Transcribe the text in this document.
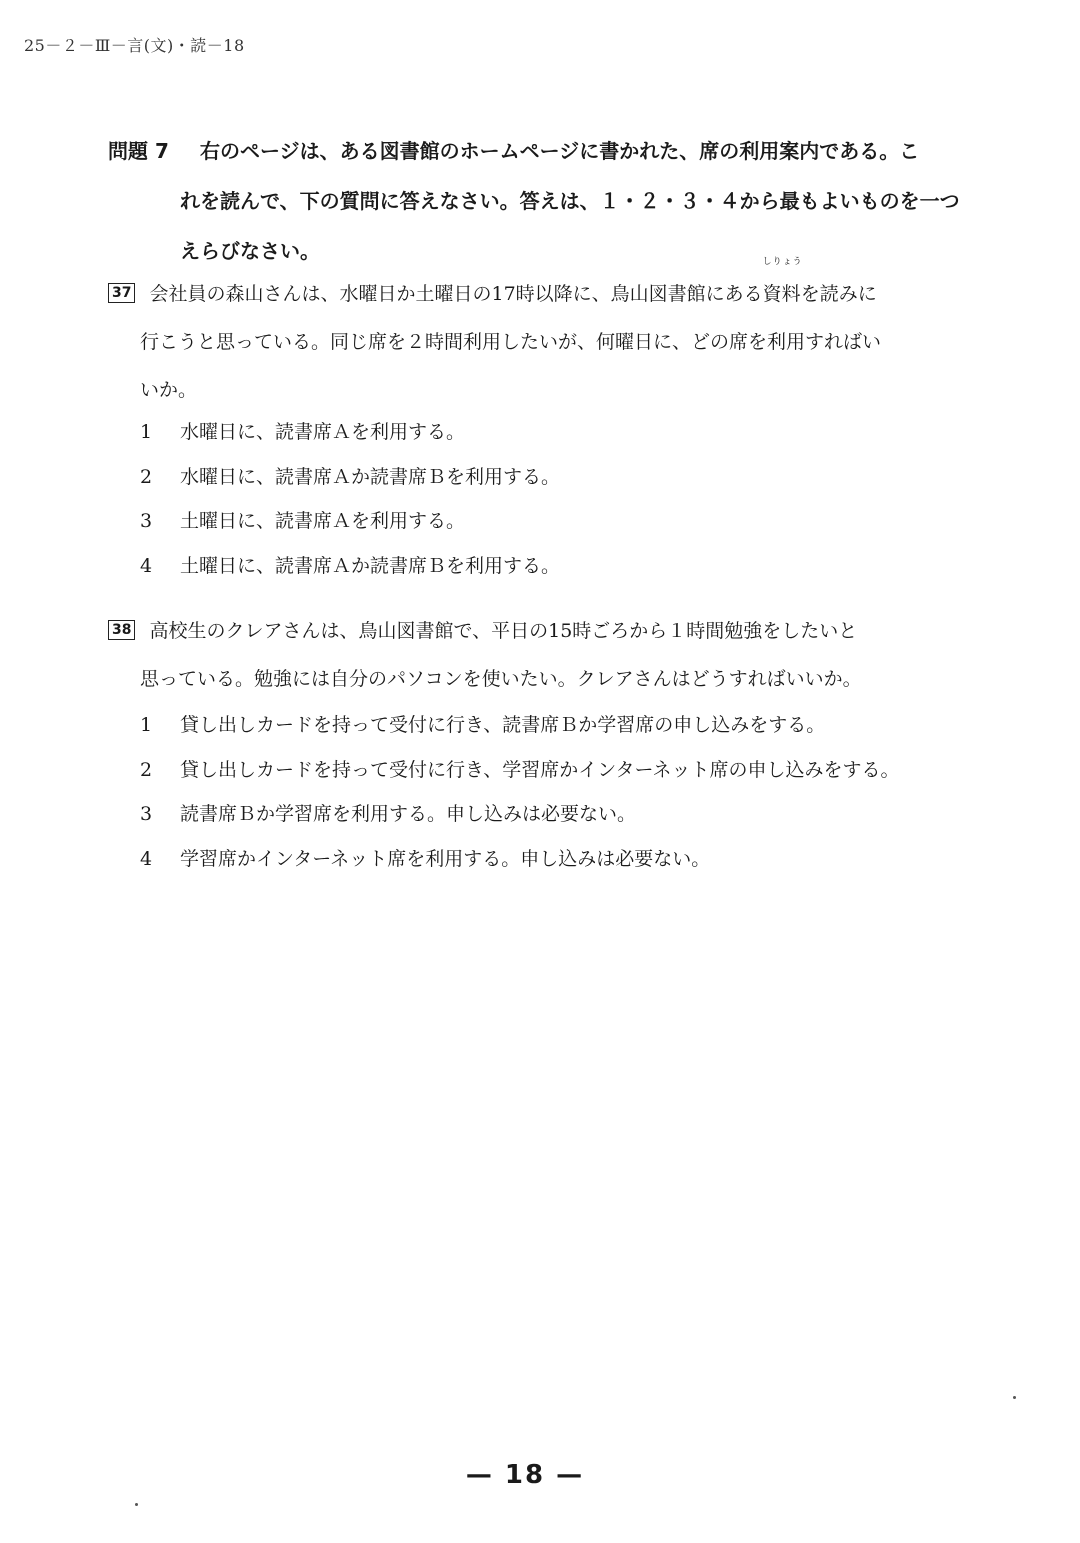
25－２－Ⅲ－言(文)・読－18
問題 7 右のページは、ある図書館のホームページに書かれた、席の利用案内である。こ
れを読んで、下の質問に答えなさい。答えは、１・２・３・４から最もよいものを一つ
えらびなさい。
37 会社員の森山さんは、水曜日か土曜日の17時以降に、鳥山図書館にある
しりょう
資料を読みに
行こうと思っている。同じ席を２時間利用したいが、何曜日に、どの席を利用すればい
いか。
1 水曜日に、読書席Ａを利用する。
2 水曜日に、読書席Ａか読書席Ｂを利用する。
3 土曜日に、読書席Ａを利用する。
4 土曜日に、読書席Ａか読書席Ｂを利用する。
38 高校生のクレアさんは、鳥山図書館で、平日の15時ごろから１時間勉強をしたいと
思っている。勉強には自分のパソコンを使いたい。クレアさんはどうすればいいか。
1 貸し出しカードを持って受付に行き、読書席Ｂか学習席の申し込みをする。
2 貸し出しカードを持って受付に行き、学習席かインターネット席の申し込みをする。
3 読書席Ｂか学習席を利用する。申し込みは必要ない。
4 学習席かインターネット席を利用する。申し込みは必要ない。
— 18 —
